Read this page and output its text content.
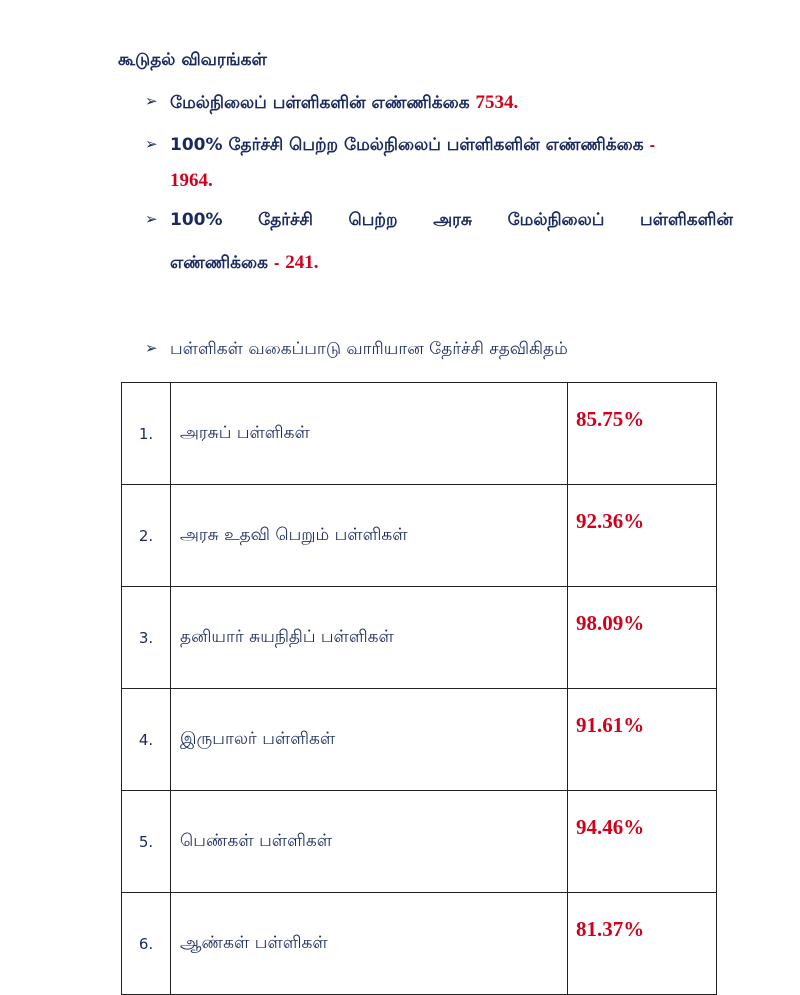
கூடுதல் விவரங்கள்
➢ மேல்நிலைப் பள்ளிகளின் எண்ணிக்கை 7534.
➢ 100% தேர்ச்சி பெற்ற மேல்நிலைப் பள்ளிகளின் எண்ணிக்கை -
1964.
➢ 100% தேர்ச்சி பெற்ற அரசு மேல்நிலைப் பள்ளிகளின்
எண்ணிக்கை - 241.
➢ பள்ளிகள் வகைப்பாடு வாரியான தேர்ச்சி சதவிகிதம்
1.	அரசுப் பள்ளிகள்	85.75%
2.	அரசு உதவி பெறும் பள்ளிகள்	92.36%
3.	தனியார் சுயநிதிப் பள்ளிகள்	98.09%
4.	இருபாலர் பள்ளிகள்	91.61%
5.	பெண்கள் பள்ளிகள்	94.46%
6.	ஆண்கள் பள்ளிகள்	81.37%
